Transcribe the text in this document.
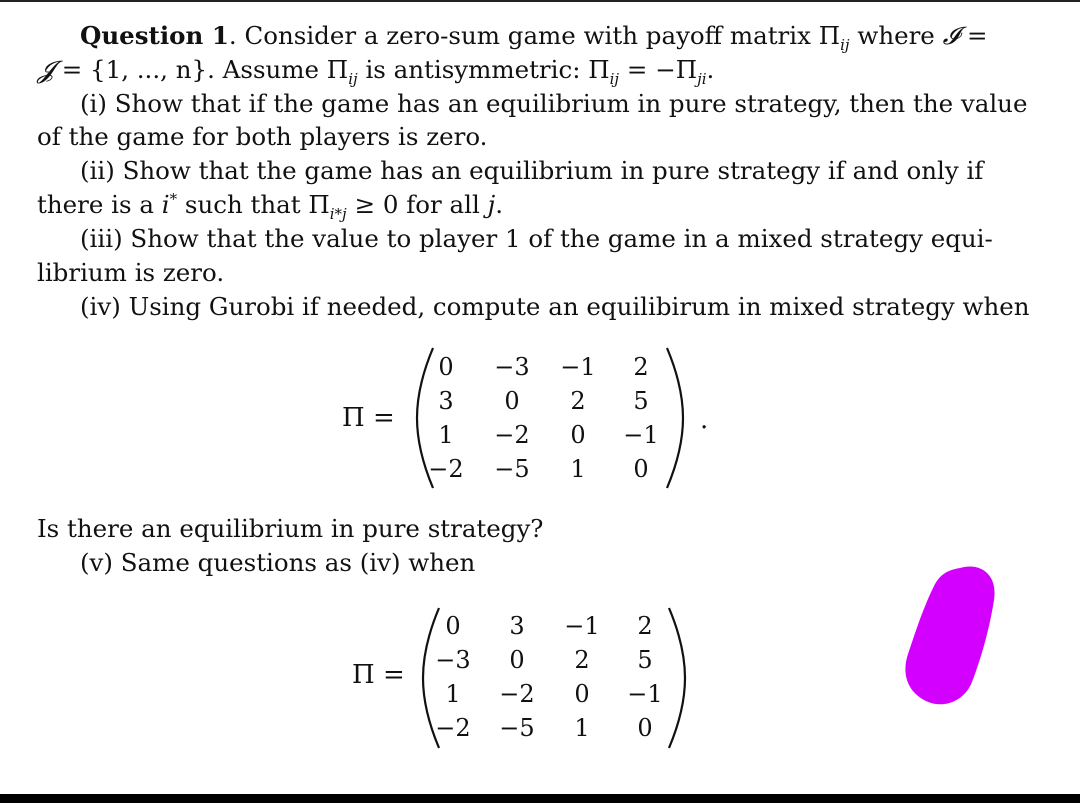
Question 1. Consider a zero-sum game with payoff matrix $\Pi_{ij}$ where 𝓘 =
𝓙 = {1, ..., n}. Assume $\Pi_{ij}$ is antisymmetric: $\Pi_{ij} = -\Pi_{ji}$.
(i) Show that if the game has an equilibrium in pure strategy, then the value
of the game for both players is zero.
(ii) Show that the game has an equilibrium in pure strategy if and only if
there is a i* such that $\Pi_{i*j} \ge 0$ for all j.
(iii) Show that the value to player 1 of the game in a mixed strategy equi-
librium is zero.
(iv) Using Gurobi if needed, compute an equilibirum in mixed strategy when
Π =
0	−3	−1	2
3	0	2	5
1	−2	0	−1
−2	−5	1	0
.
Is there an equilibrium in pure strategy?
(v) Same questions as (iv) when
Π =
0	3	−1	2
−3	0	2	5
1	−2	0	−1
−2	−5	1	0
